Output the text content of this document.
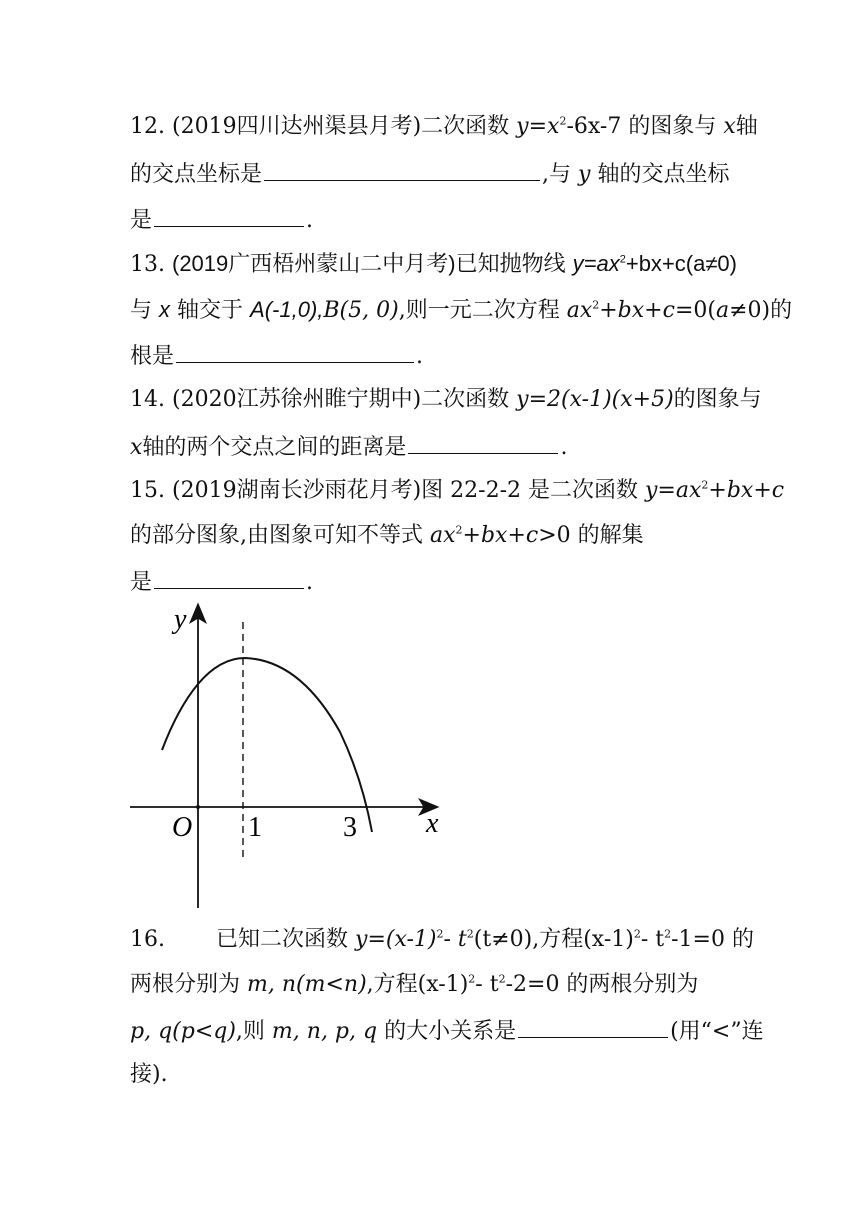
12. (2019四川达州渠县月考)二次函数 $y=x^2-6x-7$ 的图象与 x轴
的交点坐标是	,与 y 轴的交点坐标
是	.
13. (2019广西梧州蒙山二中月考)已知抛物线 $y=ax^2+bx+c(a\ne 0)$
与 x 轴交于 A(-1,0),B(5, 0),则一元二次方程 $ax^2+bx+c=0(a\ne 0)$的
根是	.
14. (2020江苏徐州睢宁期中)二次函数 y=2(x-1)(x+5)的图象与
x轴的两个交点之间的距离是	.
15. (2019湖南长沙雨花月考)图 22-2-2 是二次函数 $y=ax^2+bx+c$
的部分图象,由图象可知不等式 $ax^2+bx+c>0$ 的解集
是	.
y
x
O 1	3
16. 已知二次函数 $y=(x-1)^2-$ $t^2(t\ne 0)$,方程$(x-1)^2-$ $t^2-1=0$ 的
两根分别为 m, n(m<n),方程$(x-1)^2-$ $t^2-2=0$ 的两根分别为
p, q(p<q),则 m, n, p, q 的大小关系是	(用“<”连
接).
